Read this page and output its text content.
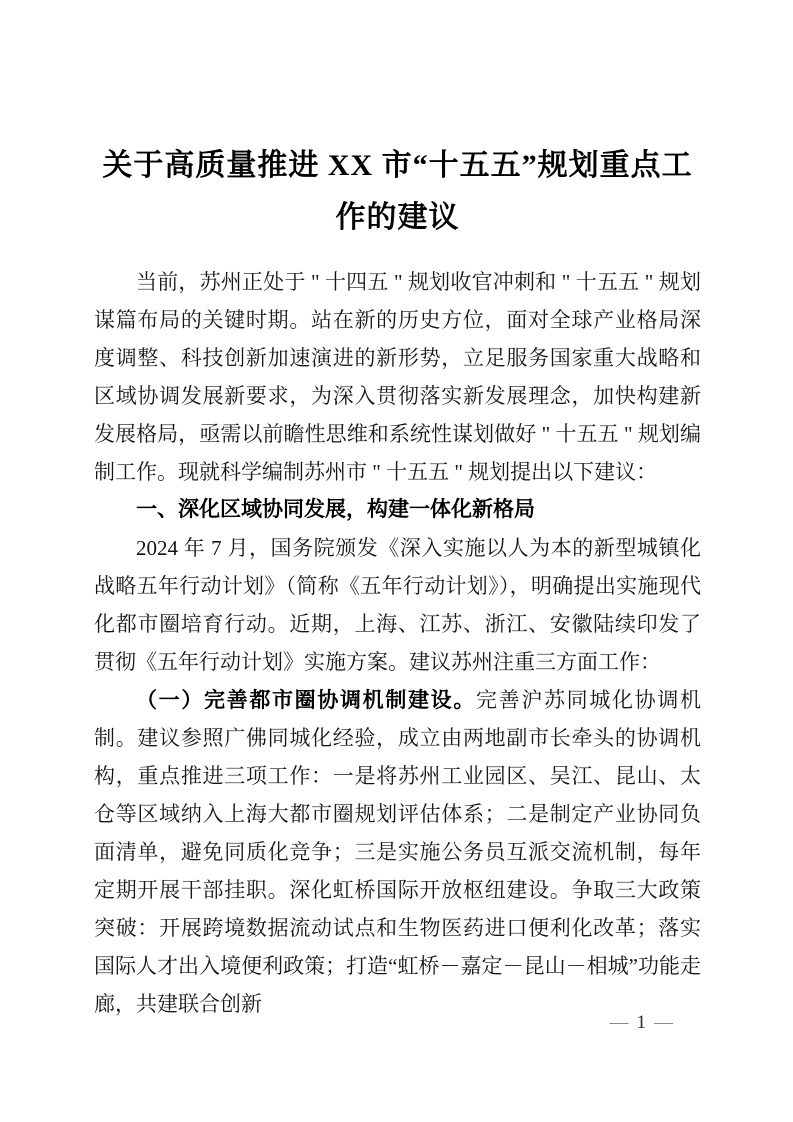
关于高质量推进 XX 市“十五五”规划重点工
作的建议

当前，苏州正处于 " 十四五 " 规划收官冲刺和 " 十五五 " 规划谋篇布局的关键时期。站在新的历史方位，面对全球产业格局深度调整、科技创新加速演进的新形势，立足服务国家重大战略和区域协调发展新要求，为深入贯彻落实新发展理念，加快构建新发展格局，亟需以前瞻性思维和系统性谋划做好 " 十五五 " 规划编制工作。现就科学编制苏州市 " 十五五 " 规划提出以下建议：

一、深化区域协同发展，构建一体化新格局

2024 年 7 月，国务院颁发《深入实施以人为本的新型城镇化战略五年行动计划》（简称《五年行动计划》），明确提出实施现代化都市圈培育行动。近期，上海、江苏、浙江、安徽陆续印发了贯彻《五年行动计划》实施方案。建议苏州注重三方面工作：

（一）完善都市圈协调机制建设。完善沪苏同城化协调机制。建议参照广佛同城化经验，成立由两地副市长牵头的协调机构，重点推进三项工作：一是将苏州工业园区、吴江、昆山、太仓等区域纳入上海大都市圈规划评估体系；二是制定产业协同负面清单，避免同质化竞争；三是实施公务员互派交流机制，每年定期开展干部挂职。深化虹桥国际开放枢纽建设。争取三大政策突破：开展跨境数据流动试点和生物医药进口便利化改革；落实国际人才出入境便利政策；打造“虹桥－嘉定－昆山－相城”功能走廊，共建联合创新

— 1 —
